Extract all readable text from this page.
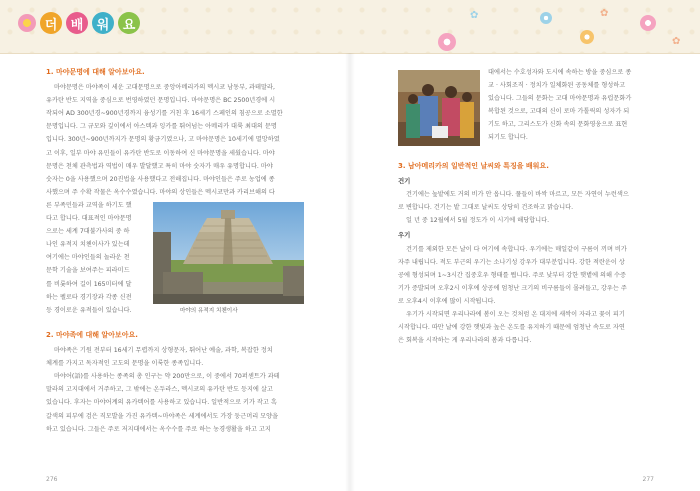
더	배	워	요
✿
✿
✿
1. 마야문명에 대해 알아보아요.

마야문명은 마야족이 세운 고대문명으로 중앙아메리카의 멕시코 남동부, 과테말라,

유카탄 반도 지역을 중심으로 번영하였던 문명입니다. 마야문명은 BC 2500년경에 시

작되어 AD 300년경~900년경까지 융성기를 거친 후 16세기 스페인의 침공으로 소멸한

문명입니다. 그 규모와 깊이에서 아스텍과 잉카를 뛰어넘는 아메리카 대륙 최대의 문명

입니다. 300년~900년까지가 문명의 황금기였으나, 고 마야문명은 10세기에 멸망하였

고 이후, 일부 마야 유민들이 유카탄 반도로 이동하여 신 마야문명을 세웠습니다. 마야

문명은 천체 관측법과 역법이 매우 발달했고 특히 마야 숫자가 매우 유명합니다. 마야

숫자는 0을 사용했으며 20진법을 사용했다고 전해집니다. 마야인들은 주로 농업에 종

사했으며 주 수확 작물은 옥수수였습니다. 마야의 상인들은 멕시코만과 카리브해의 다

른 부족민들과 교역을 하기도 했

다고 합니다. 대표적인 마야문명

으로는 세계 7대불가사의 중 하

나인 유적지 치첸이사가 있는데

여기에는 마야인들의 놀라운 천

문학 기술을 보여주는 피라미드

를 비롯하여 길이 165미터에 달

하는 펠로타 경기장과 각종 신전

등 경이로운 유적들이 있습니다.	마야의 유적지 치첸이사
2. 마야족에 대해 알아보아요.

마야족은 기원 전부터 16세기 무렵까지 상형문자, 뛰어난 예술, 과학, 복잡한 정치

체계를 가지고 독자적인 고도의 문명을 이룩한 종족입니다.

마야어(語)를 사용하는 종족의 총 인구는 약 200만으로, 이 중에서 70퍼센트가 과테

말라의 고지대에서 거주하고, 그 밖에는 온두라스, 멕시코의 유카탄 반도 등지에 살고

있습니다. 후자는 마야어계의 유카텍어를 사용하고 있습니다. 일반적으로 키가 작고 흑

갈색의 피부에 검은 직모발을 가진 유카텍~마야족은 세계에서도 가장 둥근머리 모양을

하고 있습니다. 그들은 주로 저지대에서는 옥수수를 주로 하는 농경생활을 하고 고지

276

대에서는 수호성자와 도시에 속하는 방을 중심으로 종

교 · 사회조직 · 정치가 일체화된 공동체를 형성하고

있습니다. 그들의 문화는 고대 마야문명과 유럽문화가

복합된 것으로, 고대의 신이 로마 가톨릭의 성자가 되

기도 하고, 그리스도가 신화 속의 문화영웅으로 표현

되기도 합니다.

3. 남아메리카의 일반적인 날씨와 특징을 배워요.
건기

건기에는 높밭에도 거의 비가 안 옵니다. 풀들이 바싹 마르고, 모든 자연이 누런색으

로 변합니다. 건기는 밭 그대로 날씨도 상당히 건조하고 맑습니다.

일 년 중 12월에서 5월 정도가 이 시기에 해당합니다.

우기

건기를 제외한 모든 날이 다 여기에 속합니다. 우기에는 매일같이 구름이 끼며 비가

자주 내립니다. 적도 부근의 우기는 소나기성 강우가 대부분입니다. 강한 적란운이 상

공에 형성되며 1~3시간 집중호우 형태를 띕니다. 주로 낮부터 강한 햇볕에 의해 수증

기가 증발되며 오후2시 이후에 상공에 엄청난 크기의 비구름들이 몰려들고, 강우는 주

로 오후4시 이후에 많이 시작됩니다.

우기가 시작되면 우리나라에 봄이 오는 것처럼 온 대지에 새싹이 자라고 꽃이 피기

시작합니다. 따만 날에 강한 햇빛과 높은 온도를 유지하기 때문에 엄청난 속도로 자연

은 회복을 시작하는 게 우리나라의 봄과 다릅니다.

277
